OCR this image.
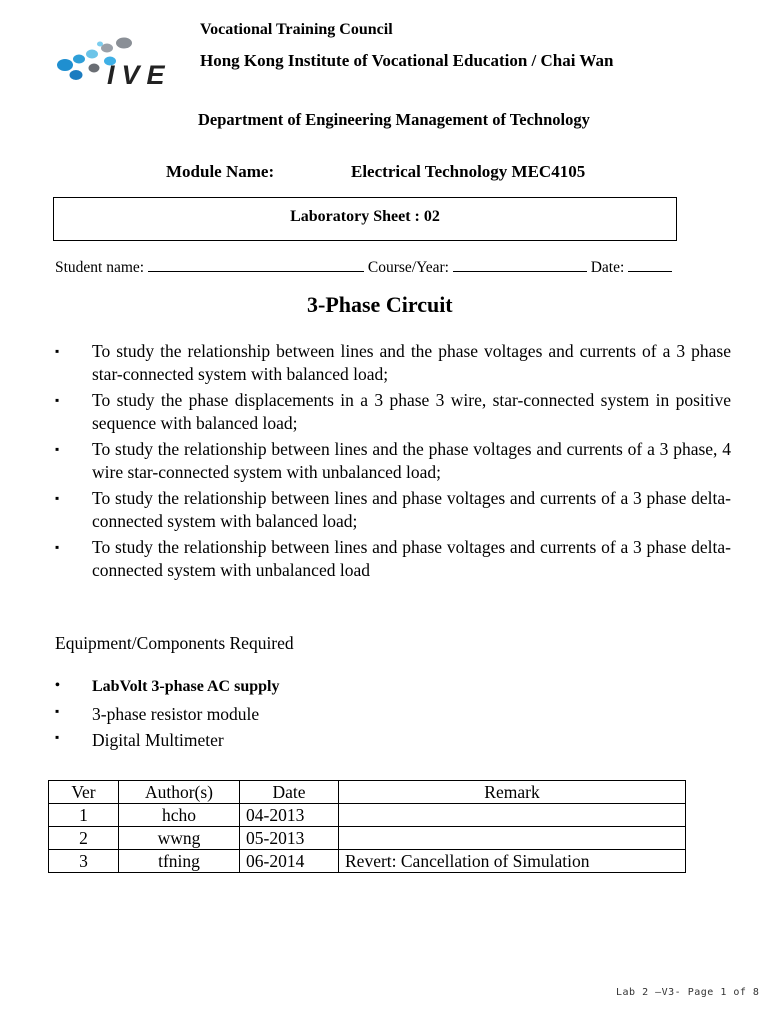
IVE
Vocational Training Council
Hong Kong Institute of Vocational Education / Chai Wan
Department of Engineering Management of Technology
Module Name:	Electrical Technology MEC4105
Laboratory Sheet : 02
Student name:	Course/Year:	Date:
3-Phase Circuit
▪ To study the relationship between lines and the phase voltages and currents of a 3 phase star-connected system with balanced load;
▪ To study the phase displacements in a 3 phase 3 wire, star-connected system in positive sequence with balanced load;
▪ To study the relationship between lines and the phase voltages and currents of a 3 phase, 4 wire star-connected system with unbalanced load;
▪ To study the relationship between lines and phase voltages and currents of a 3 phase delta-connected system with balanced load;
▪ To study the relationship between lines and phase voltages and currents of a 3 phase delta-connected system with unbalanced load
Equipment/Components Required
• LabVolt 3-phase AC supply
▪ 3-phase resistor module
▪ Digital Multimeter
Ver	Author(s)	Date	Remark
1	hcho	04-2013	
2	wwng	05-2013	
3	tfning	06-2014	Revert: Cancellation of Simulation
Lab 2 –V3- Page 1 of 8
